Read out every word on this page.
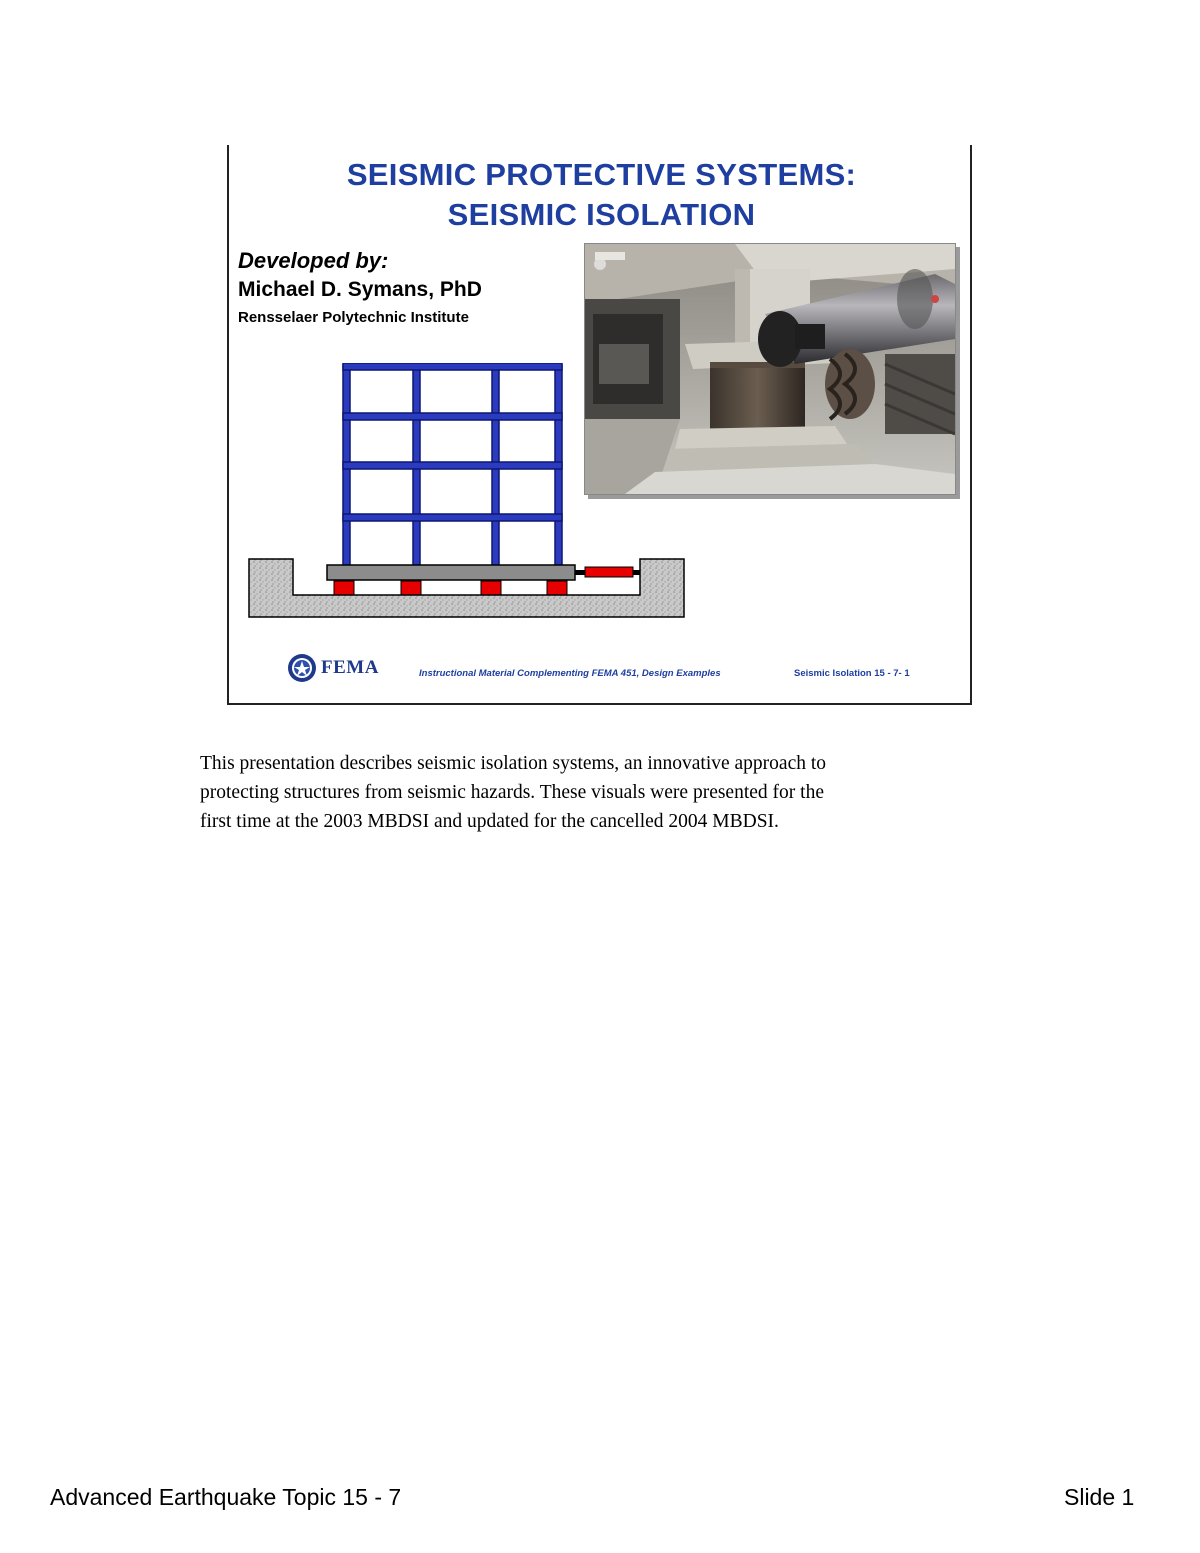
SEISMIC PROTECTIVE SYSTEMS:
SEISMIC ISOLATION
Developed by:
Michael D. Symans, PhD
Rensselaer Polytechnic Institute
FEMA	Instructional Material Complementing FEMA 451, Design Examples	Seismic Isolation 15 - 7- 1
This presentation describes seismic isolation systems, an innovative approach to
protecting structures from seismic hazards. These visuals were presented for the
first time at the 2003 MBDSI and updated for the cancelled 2004 MBDSI.
Advanced Earthquake Topic 15 - 7	Slide 1
